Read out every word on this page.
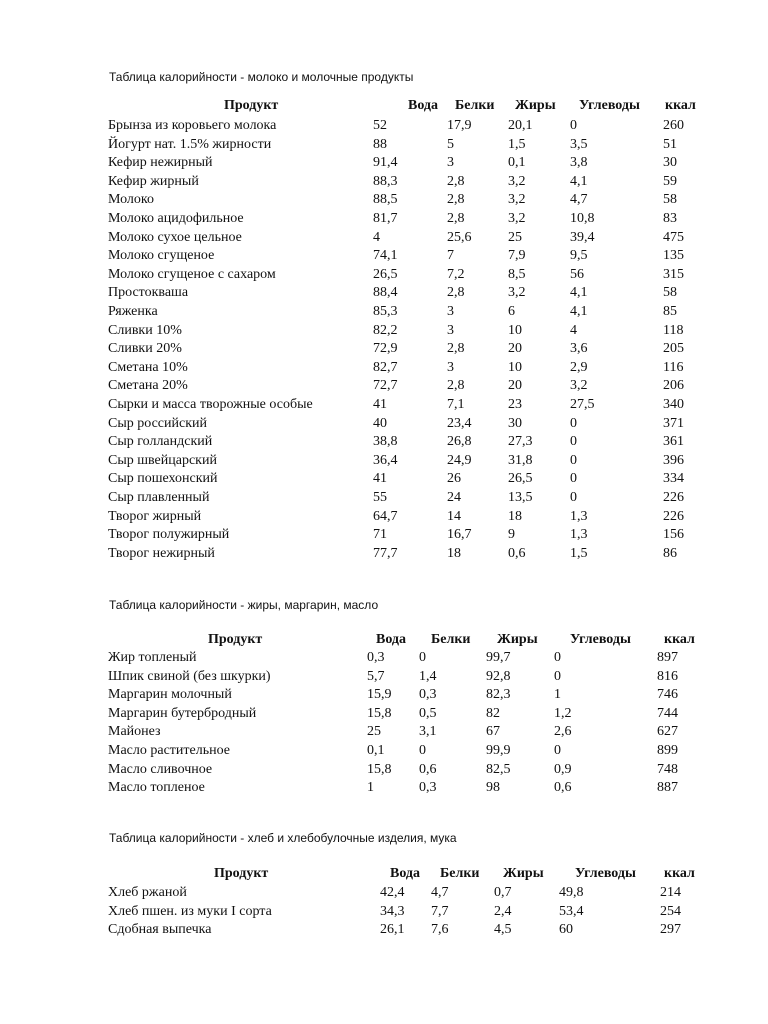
Таблица калорийности - молоко и молочные продукты
Продукт	Вода Белки Жиры Углеводы ккал
Брынза из коровьего молока	52	17,9	20,1	0	260
Йогурт нат. 1.5% жирности	88	5	1,5	3,5	51
Кефир нежирный	91,4	3	0,1	3,8	30
Кефир жирный	88,3	2,8	3,2	4,1	59
Молоко	88,5	2,8	3,2	4,7	58
Молоко ацидофильное	81,7	2,8	3,2	10,8	83
Молоко сухое цельное	4	25,6	25	39,4	475
Молоко сгущеное	74,1	7	7,9	9,5	135
Молоко сгущеное с сахаром	26,5	7,2	8,5	56	315
Простокваша	88,4	2,8	3,2	4,1	58
Ряженка	85,3	3	6	4,1	85
Сливки 10%	82,2	3	10	4	118
Сливки 20%	72,9	2,8	20	3,6	205
Сметана 10%	82,7	3	10	2,9	116
Сметана 20%	72,7	2,8	20	3,2	206
Сырки и масса творожные особые	41	7,1	23	27,5	340
Сыр российский	40	23,4	30	0	371
Сыр голландский	38,8	26,8	27,3	0	361
Сыр швейцарский	36,4	24,9	31,8	0	396
Сыр пошехонский	41	26	26,5	0	334
Сыр плавленный	55	24	13,5	0	226
Творог жирный	64,7	14	18	1,3	226
Творог полужирный	71	16,7	9	1,3	156
Творог нежирный	77,7	18	0,6	1,5	86
Таблица калорийности - жиры, маргарин, масло
Продукт	Вода Белки Жиры Углеводы ккал
Жир топленый	0,3 0	99,7	0	897
Шпик свиной (без шкурки)	5,7 1,4	92,8	0	816
Маргарин молочный	15,9 0,3	82,3	1	746
Маргарин бутербродный	15,8 0,5	82	1,2	744
Майонез	25	3,1	67	2,6	627
Масло растительное	0,1 0	99,9	0	899
Масло сливочное	15,8 0,6	82,5	0,9	748
Масло топленое	1	0,3	98	0,6	887
Таблица калорийности - хлеб и хлебобулочные изделия, мука
Продукт	Вода Белки Жиры Углеводы ккал
Хлеб ржаной	42,4 4,7	0,7	49,8	214
Хлеб пшен. из муки I сорта	34,3 7,7	2,4	53,4	254
Сдобная выпечка	26,1 7,6	4,5	60	297
